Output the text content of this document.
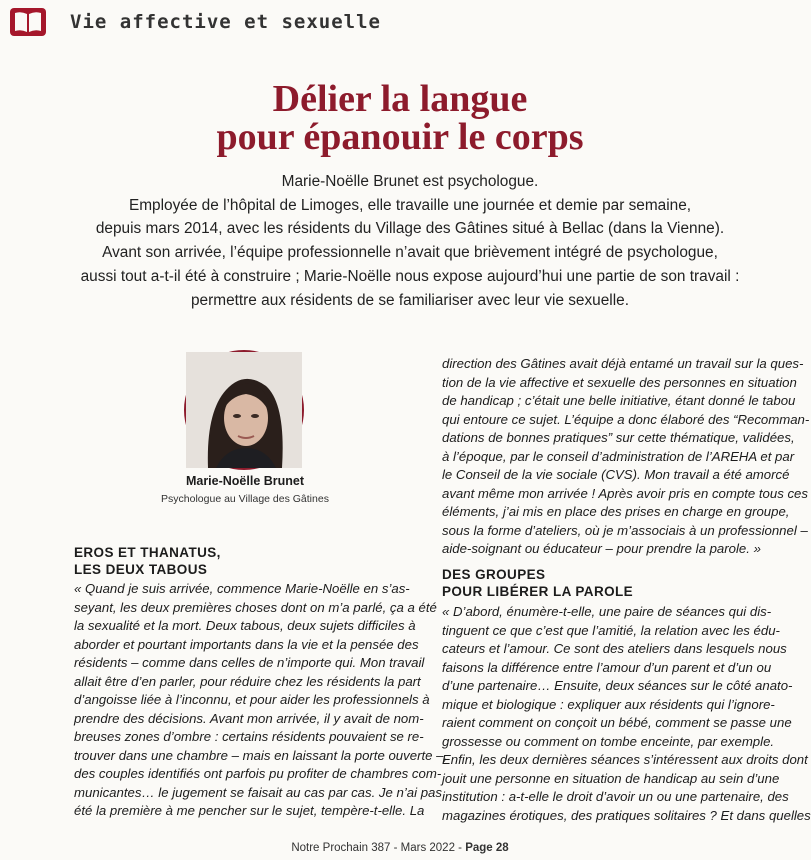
Vie affective et sexuelle
Délier la langue
pour épanouir le corps
Marie-Noëlle Brunet est psychologue.
Employée de l’hôpital de Limoges, elle travaille une journée et demie par semaine,
depuis mars 2014, avec les résidents du Village des Gâtines situé à Bellac (dans la Vienne).
Avant son arrivée, l’équipe professionnelle n’avait que brièvement intégré de psychologue,
aussi tout a-t-il été à construire ; Marie-Noëlle nous expose aujourd’hui une partie de son travail :
permettre aux résidents de se familiariser avec leur vie sexuelle.
Marie-Noëlle Brunet
Psychologue au Village des Gâtines
direction des Gâtines avait déjà entamé un travail sur la ques-
tion de la vie affective et sexuelle des personnes en situation
de handicap ; c’était une belle initiative, étant donné le tabou
qui entoure ce sujet. L’équipe a donc élaboré des “Recomman-
dations de bonnes pratiques” sur cette thématique, validées,
à l’époque, par le conseil d’administration de l’AREHA et par
le Conseil de la vie sociale (CVS). Mon travail a été amorcé
avant même mon arrivée ! Après avoir pris en compte tous ces
éléments, j’ai mis en place des prises en charge en groupe,
sous la forme d’ateliers, où je m’associais à un professionnel –
aide-soignant ou éducateur – pour prendre la parole. »
EROS ET THANATUS,
LES DEUX TABOUS
« Quand je suis arrivée, commence Marie-Noëlle en s’as-
seyant, les deux premières choses dont on m’a parlé, ça a été
la sexualité et la mort. Deux tabous, deux sujets difficiles à
aborder et pourtant importants dans la vie et la pensée des
résidents – comme dans celles de n’importe qui. Mon travail
allait être d’en parler, pour réduire chez les résidents la part
d’angoisse liée à l’inconnu, et pour aider les professionnels à
prendre des décisions. Avant mon arrivée, il y avait de nom-
breuses zones d’ombre : certains résidents pouvaient se re-
trouver dans une chambre – mais en laissant la porte ouverte –,
des couples identifiés ont parfois pu profiter de chambres com-
municantes… le jugement se faisait au cas par cas. Je n’ai pas
été la première à me pencher sur le sujet, tempère-t-elle. La
DES GROUPES
POUR LIBÉRER LA PAROLE
« D’abord, énumère-t-elle, une paire de séances qui dis-
tinguent ce que c’est que l’amitié, la relation avec les édu-
cateurs et l’amour. Ce sont des ateliers dans lesquels nous
faisons la différence entre l’amour d’un parent et d’un ou
d’une partenaire… Ensuite, deux séances sur le côté anato-
mique et biologique : expliquer aux résidents qui l’ignore-
raient comment on conçoit un bébé, comment se passe une
grossesse ou comment on tombe enceinte, par exemple.
Enfin, les deux dernières séances s’intéressent aux droits dont
jouit une personne en situation de handicap au sein d’une
institution : a-t-elle le droit d’avoir un ou une partenaire, des
magazines érotiques, des pratiques solitaires ? Et dans quelles
Notre Prochain 387 - Mars 2022 - Page 28
